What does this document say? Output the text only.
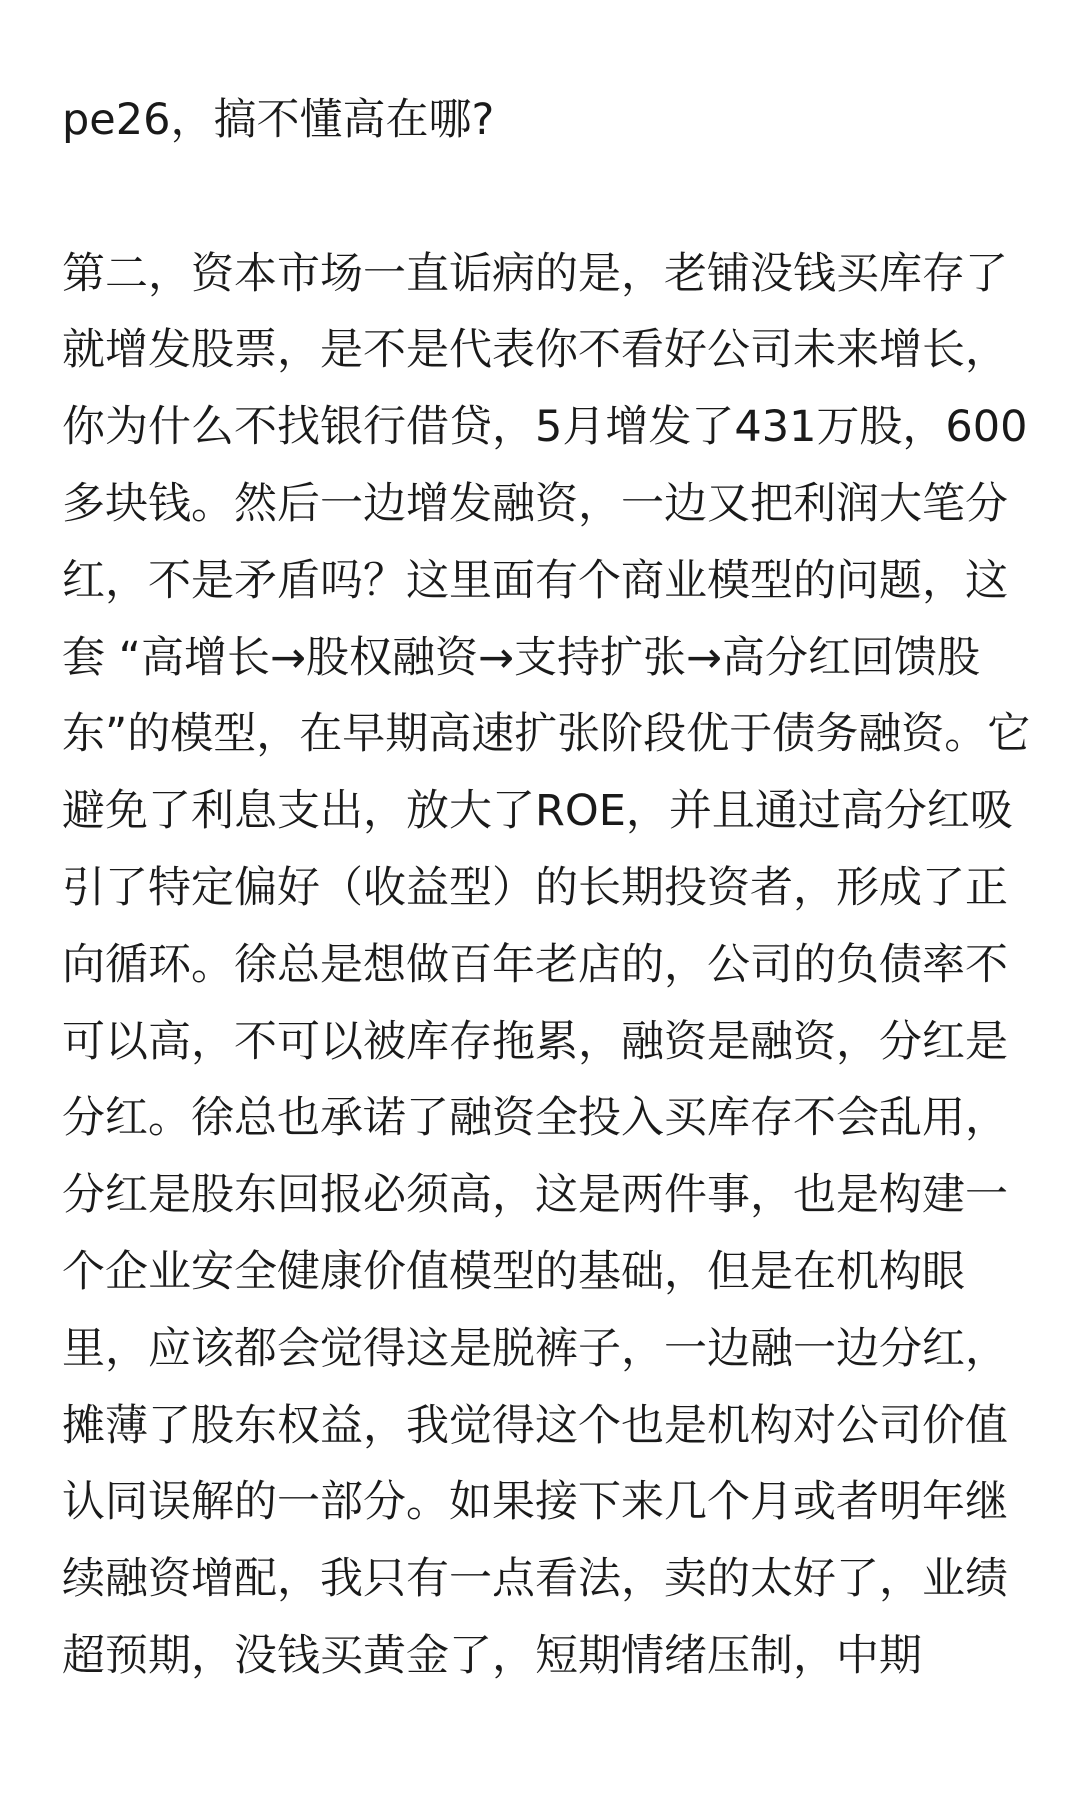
pe26，搞不懂高在哪?

第二，资本市场一直诟病的是，老铺没钱买库存了就增发股票，是不是代表你不看好公司未来增长，你为什么不找银行借贷，5月增发了431万股，600多块钱。然后一边增发融资，一边又把利润大笔分红，不是矛盾吗？这里面有个商业模型的问题，这套 “高增长→股权融资→支持扩张→高分红回馈股东”的模型，在早期高速扩张阶段优于债务融资。它避免了利息支出，放大了ROE，并且通过高分红吸引了特定偏好（收益型）的长期投资者，形成了正向循环。徐总是想做百年老店的，公司的负债率不可以高，不可以被库存拖累，融资是融资，分红是分红。徐总也承诺了融资全投入买库存不会乱用，分红是股东回报必须高，这是两件事，也是构建一个企业安全健康价值模型的基础，但是在机构眼里，应该都会觉得这是脱裤子，一边融一边分红，摊薄了股东权益，我觉得这个也是机构对公司价值认同误解的一部分。如果接下来几个月或者明年继续融资增配，我只有一点看法，卖的太好了，业绩超预期，没钱买黄金了，短期情绪压制，中期
